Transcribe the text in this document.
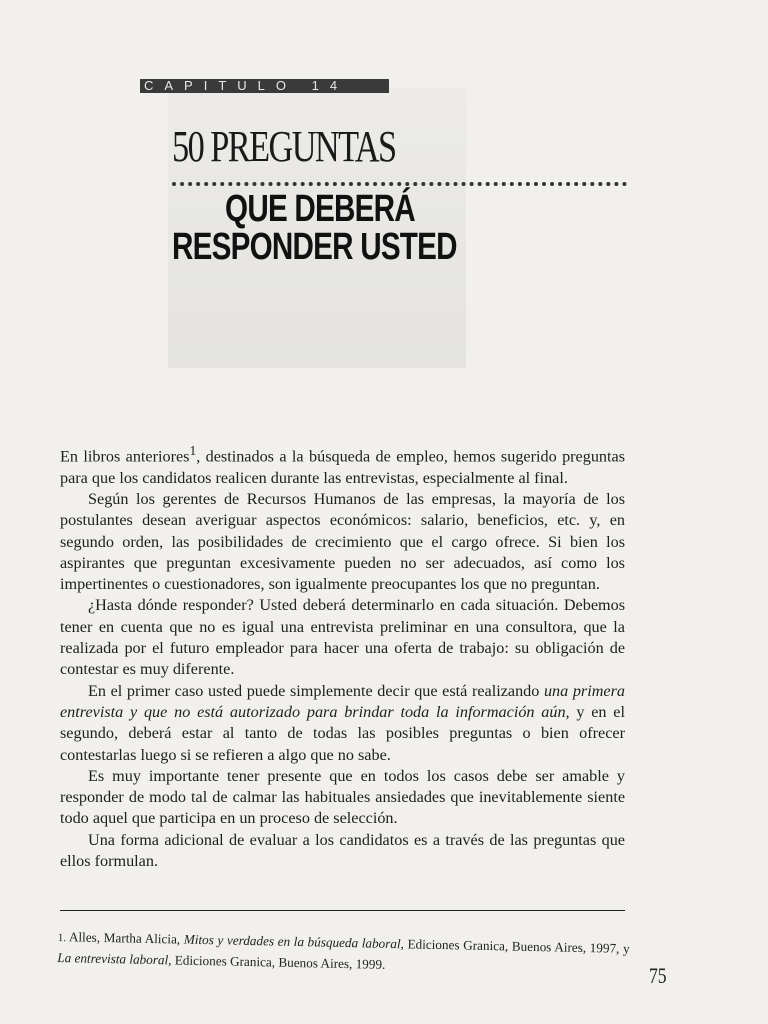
CAPITULO 14
50 PREGUNTAS
QUE DEBERÁ
RESPONDER USTED

En libros anteriores$^1$, destinados a la búsqueda de empleo, hemos sugerido preguntas para que los candidatos realicen durante las entrevistas, especialmente al final.

Según los gerentes de Recursos Humanos de las empresas, la mayoría de los postulantes desean averiguar aspectos económicos: salario, beneficios, etc. y, en segundo orden, las posibilidades de crecimiento que el cargo ofrece. Si bien los aspirantes que preguntan excesivamente pueden no ser adecuados, así como los impertinentes o cuestionadores, son igualmente preocupantes los que no preguntan.

¿Hasta dónde responder? Usted deberá determinarlo en cada situación. Debemos tener en cuenta que no es igual una entrevista preliminar en una consultora, que la realizada por el futuro empleador para hacer una oferta de trabajo: su obligación de contestar es muy diferente.

En el primer caso usted puede simplemente decir que está realizando una primera entrevista y que no está autorizado para brindar toda la información aún, y en el segundo, deberá estar al tanto de todas las posibles preguntas o bien ofrecer contestarlas luego si se refieren a algo que no sabe.

Es muy importante tener presente que en todos los casos debe ser amable y responder de modo tal de calmar las habituales ansiedades que inevitablemente siente todo aquel que participa en un proceso de selección.

Una forma adicional de evaluar a los candidatos es a través de las preguntas que ellos formulan.

1. Alles, Martha Alicia, Mitos y verdades en la búsqueda laboral, Ediciones Granica, Buenos Aires, 1997, y La entrevista laboral, Ediciones Granica, Buenos Aires, 1999.
75
